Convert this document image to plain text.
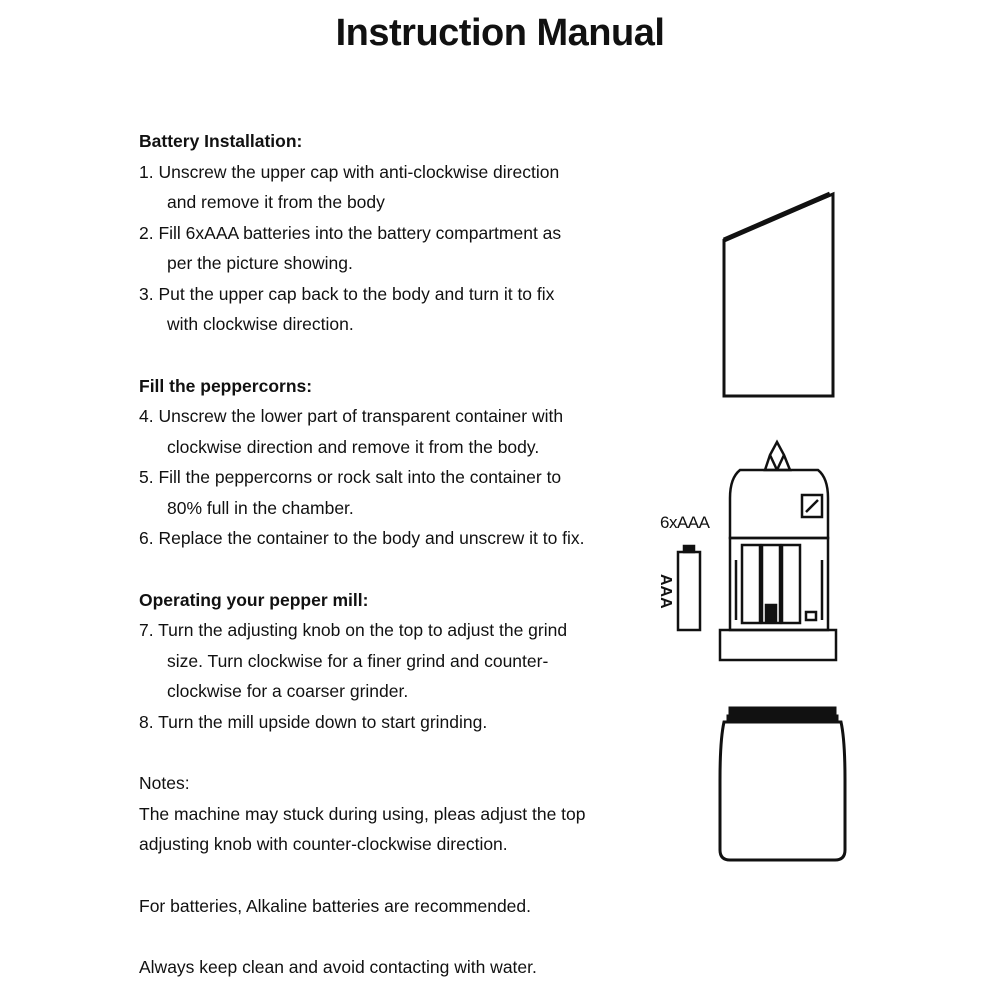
Instruction Manual
Battery Installation:
1. Unscrew the upper cap with anti-clockwise direction
and remove it from the body
2. Fill 6xAAA batteries into the battery compartment as
per the picture showing.
3. Put the upper cap back to the body and turn it to fix
with clockwise direction.
Fill the peppercorns:
4. Unscrew the lower part of transparent container with
clockwise direction and remove it from the body.
5. Fill the peppercorns or rock salt into the container to
80% full in the chamber.
6. Replace the container to the body and unscrew it to fix.
Operating your pepper mill:
7. Turn the adjusting knob on the top to adjust the grind
size. Turn clockwise for a finer grind and counter-
clockwise for a coarser grinder.
8. Turn the mill upside down to start grinding.
Notes:
The machine may stuck during using, pleas adjust the top
adjusting knob with counter-clockwise direction.
For batteries, Alkaline batteries are recommended.
Always keep clean and avoid contacting with water.
6xAAA
AAA
